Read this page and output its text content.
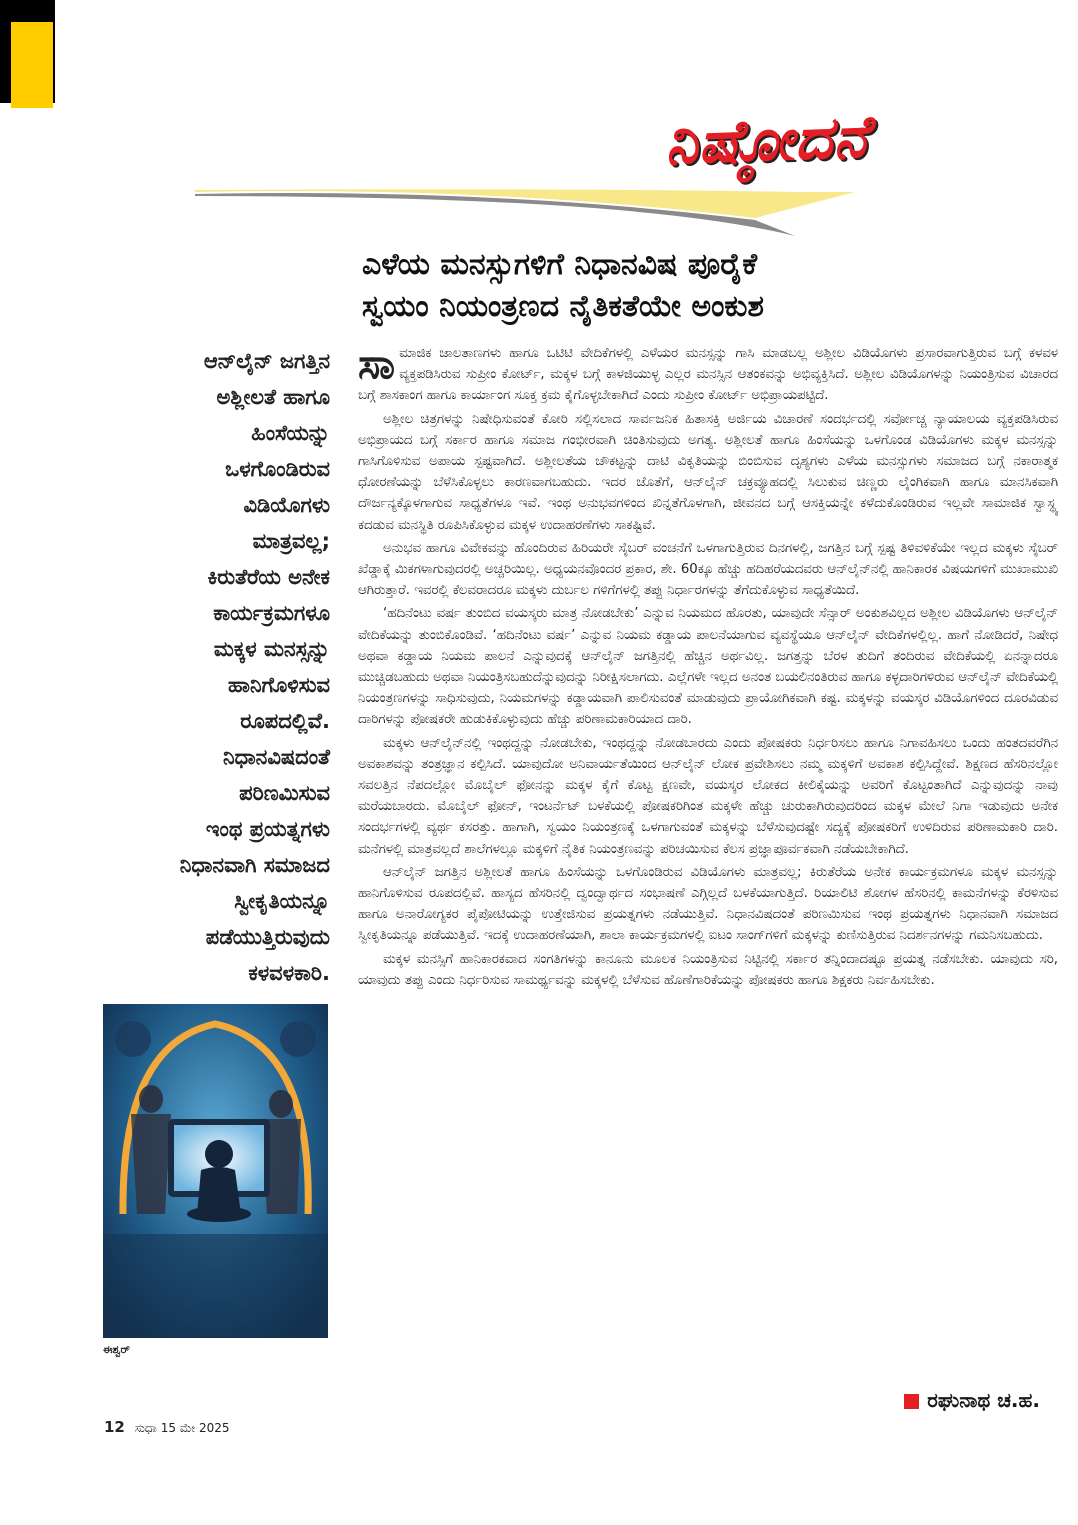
ನಿಷ್ಠೋದನೆ
ಎಳೆಯ ಮನಸ್ಸುಗಳಿಗೆ ನಿಧಾನವಿಷ ಪೂರೈಕೆ
ಸ್ವಯಂ ನಿಯಂತ್ರಣದ ನೈತಿಕತೆಯೇ ಅಂಕುಶ
ಆನ್‌ಲೈನ್ ಜಗತ್ತಿನ
ಅಶ್ಲೀಲತೆ ಹಾಗೂ
ಹಿಂಸೆಯನ್ನು
ಒಳಗೊಂಡಿರುವ
ವಿಡಿಯೊಗಳು
ಮಾತ್ರವಲ್ಲ;
ಕಿರುತೆರೆಯ ಅನೇಕ
ಕಾರ್ಯಕ್ರಮಗಳೂ
ಮಕ್ಕಳ ಮನಸ್ಸನ್ನು
ಹಾನಿಗೊಳಿಸುವ
ರೂಪದಲ್ಲಿವೆ.
ನಿಧಾನವಿಷದಂತೆ
ಪರಿಣಮಿಸುವ
ಇಂಥ ಪ್ರಯತ್ನಗಳು
ನಿಧಾನವಾಗಿ ಸಮಾಜದ
ಸ್ವೀಕೃತಿಯನ್ನೂ
ಪಡೆಯುತ್ತಿರುವುದು
ಕಳವಳಕಾರಿ.
ಈಶ್ವರ್

ಸಾಮಾಜಿಕ ಜಾಲತಾಣಗಳು ಹಾಗೂ ಒಟಿಟಿ ವೇದಿಕೆಗಳಲ್ಲಿ ಎಳೆಯರ ಮನಸ್ಸನ್ನು ಗಾಸಿ ಮಾಡಬಲ್ಲ ಅಶ್ಲೀಲ ವಿಡಿಯೊಗಳು ಪ್ರಸಾರವಾಗುತ್ತಿರುವ ಬಗ್ಗೆ ಕಳವಳ ವ್ಯಕ್ತಪಡಿಸಿರುವ ಸುಪ್ರೀಂ ಕೋರ್ಟ್, ಮಕ್ಕಳ ಬಗ್ಗೆ ಕಾಳಜಿಯುಳ್ಳ ಎಲ್ಲರ ಮನಸ್ಸಿನ ಆತಂಕವನ್ನು ಅಭಿವ್ಯಕ್ತಿಸಿದೆ. ಅಶ್ಲೀಲ ವಿಡಿಯೊಗಳನ್ನು ನಿಯಂತ್ರಿಸುವ ವಿಚಾರದ ಬಗ್ಗೆ ಶಾಸಕಾಂಗ ಹಾಗೂ ಕಾರ್ಯಾಂಗ ಸೂಕ್ತ ಕ್ರಮ ಕೈಗೊಳ್ಳಬೇಕಾಗಿದೆ ಎಂದು ಸುಪ್ರೀಂ ಕೋರ್ಟ್ ಅಭಿಪ್ರಾಯಪಟ್ಟಿದೆ.

ಅಶ್ಲೀಲ ಚಿತ್ರಗಳನ್ನು ನಿಷೇಧಿಸುವಂತೆ ಕೋರಿ ಸಲ್ಲಿಸಲಾದ ಸಾರ್ವಜನಿಕ ಹಿತಾಸಕ್ತಿ ಅರ್ಜಿಯ ವಿಚಾರಣೆ ಸಂದರ್ಭದಲ್ಲಿ ಸರ್ವೋಚ್ಚ ನ್ಯಾಯಾಲಯ ವ್ಯಕ್ತಪಡಿಸಿರುವ ಅಭಿಪ್ರಾಯದ ಬಗ್ಗೆ ಸರ್ಕಾರ ಹಾಗೂ ಸಮಾಜ ಗಂಭೀರವಾಗಿ ಚಿಂತಿಸುವುದು ಅಗತ್ಯ. ಅಶ್ಲೀಲತೆ ಹಾಗೂ ಹಿಂಸೆಯನ್ನು ಒಳಗೊಂಡ ವಿಡಿಯೊಗಳು ಮಕ್ಕಳ ಮನಸ್ಸನ್ನು ಗಾಸಿಗೊಳಿಸುವ ಅಪಾಯ ಸ್ಪಷ್ಟವಾಗಿದೆ. ಅಶ್ಲೀಲತೆಯ ಚೌಕಟ್ಟನ್ನು ದಾಟಿ ವಿಕೃತಿಯನ್ನು ಬಿಂಬಿಸುವ ದೃಶ್ಯಗಳು ಎಳೆಯ ಮನಸ್ಸುಗಳು ಸಮಾಜದ ಬಗ್ಗೆ ನಕಾರಾತ್ಮಕ ಧೋರಣೆಯನ್ನು ಬೆಳೆಸಿಕೊಳ್ಳಲು ಕಾರಣವಾಗಬಹುದು. ಇದರ ಜೊತೆಗೆ, ಆನ್‌ಲೈನ್ ಚಕ್ರವ್ಯೂಹದಲ್ಲಿ ಸಿಲುಕುವ ಚಿಣ್ಣರು ಲೈಂಗಿಕವಾಗಿ ಹಾಗೂ ಮಾನಸಿಕವಾಗಿ ದೌರ್ಜನ್ಯಕ್ಕೊಳಗಾಗುವ ಸಾಧ್ಯತೆಗಳೂ ಇವೆ. ಇಂಥ ಅನುಭವಗಳಿಂದ ಖಿನ್ನತೆಗೊಳಗಾಗಿ, ಜೀವನದ ಬಗ್ಗೆ ಆಸಕ್ತಿಯನ್ನೇ ಕಳೆದುಕೊಂಡಿರುವ ಇಲ್ಲವೇ ಸಾಮಾಜಿಕ ಸ್ವಾಸ್ಥ್ಯ ಕದಡುವ ಮನಸ್ಥಿತಿ ರೂಪಿಸಿಕೊಳ್ಳುವ ಮಕ್ಕಳ ಉದಾಹರಣೆಗಳು ಸಾಕಷ್ಟಿವೆ.

ಅನುಭವ ಹಾಗೂ ವಿವೇಕವನ್ನು ಹೊಂದಿರುವ ಹಿರಿಯರೇ ಸೈಬರ್ ವಂಚನೆಗೆ ಒಳಗಾಗುತ್ತಿರುವ ದಿನಗಳಲ್ಲಿ, ಜಗತ್ತಿನ ಬಗ್ಗೆ ಸ್ಪಷ್ಟ ತಿಳಿವಳಿಕೆಯೇ ಇಲ್ಲದ ಮಕ್ಕಳು ಸೈಬರ್ ಖೆಡ್ಡಾಕ್ಕೆ ಮಿಕಗಳಾಗುವುದರಲ್ಲಿ ಅಚ್ಚರಿಯಿಲ್ಲ. ಅಧ್ಯಯನವೊಂದರ ಪ್ರಕಾರ, ಶೇ. 60ಕ್ಕೂ ಹೆಚ್ಚು ಹದಿಹರೆಯದವರು ಆನ್‌ಲೈನ್‌ನಲ್ಲಿ ಹಾನಿಕಾರಕ ವಿಷಯಗಳಿಗೆ ಮುಖಾಮುಖಿ ಆಗಿರುತ್ತಾರೆ. ಇವರಲ್ಲಿ ಕೆಲವರಾದರೂ ಮಕ್ಕಳು ದುರ್ಬಲ ಗಳಿಗೆಗಳಲ್ಲಿ ತಪ್ಪು ನಿರ್ಧಾರಗಳನ್ನು ತೆಗೆದುಕೊಳ್ಳುವ ಸಾಧ್ಯತೆಯಿದೆ.

‘ಹದಿನೆಂಟು ವರ್ಷ ತುಂಬಿದ ವಯಸ್ಕರು ಮಾತ್ರ ನೋಡಬೇಕು’ ಎನ್ನುವ ನಿಯಮದ ಹೊರತು, ಯಾವುದೇ ಸೆನ್ಸಾರ್ ಅಂಕುಶವಿಲ್ಲದ ಅಶ್ಲೀಲ ವಿಡಿಯೊಗಳು ಆನ್‌ಲೈನ್ ವೇದಿಕೆಯನ್ನು ತುಂಬಿಕೊಂಡಿವೆ. ‘ಹದಿನೆಂಟು ವರ್ಷ’ ಎನ್ನುವ ನಿಯಮ ಕಡ್ಡಾಯ ಪಾಲನೆಯಾಗುವ ವ್ಯವಸ್ಥೆಯೂ ಆನ್‌ಲೈನ್ ವೇದಿಕೆಗಳಲ್ಲಿಲ್ಲ. ಹಾಗೆ ನೋಡಿದರೆ, ನಿಷೇಧ ಅಥವಾ ಕಡ್ಡಾಯ ನಿಯಮ ಪಾಲನೆ ಎನ್ನುವುದಕ್ಕೆ ಆನ್‌ಲೈನ್ ಜಗತ್ತಿನಲ್ಲಿ ಹೆಚ್ಚಿನ ಅರ್ಥವಿಲ್ಲ. ಜಗತ್ತನ್ನು ಬೆರಳ ತುದಿಗೆ ತಂದಿರುವ ವೇದಿಕೆಯಲ್ಲಿ ಏನನ್ನಾದರೂ ಮುಚ್ಚಿಡಬಹುದು ಅಥವಾ ನಿಯಂತ್ರಿಸಬಹುದೆನ್ನುವುದನ್ನು ನಿರೀಕ್ಷಿಸಲಾಗದು. ಎಲ್ಲೆಗಳೇ ಇಲ್ಲದ ಅನಂತ ಬಯಲಿನಂತಿರುವ ಹಾಗೂ ಕಳ್ಳದಾರಿಗಳಿರುವ ಆನ್‌ಲೈನ್ ವೇದಿಕೆಯಲ್ಲಿ ನಿಯಂತ್ರಣಗಳನ್ನು ಸಾಧಿಸುವುದು, ನಿಯಮಗಳನ್ನು ಕಡ್ಡಾಯವಾಗಿ ಪಾಲಿಸುವಂತೆ ಮಾಡುವುದು ಪ್ರಾಯೋಗಿಕವಾಗಿ ಕಷ್ಟ. ಮಕ್ಕಳನ್ನು ವಯಸ್ಕರ ವಿಡಿಯೊಗಳಿಂದ ದೂರವಿಡುವ ದಾರಿಗಳನ್ನು ಪೋಷಕರೇ ಹುಡುಕಿಕೊಳ್ಳುವುದು ಹೆಚ್ಚು ಪರಿಣಾಮಕಾರಿಯಾದ ದಾರಿ.

ಮಕ್ಕಳು ಆನ್‌ಲೈನ್‌ನಲ್ಲಿ ಇಂಥದ್ದನ್ನು ನೋಡಬೇಕು, ಇಂಥದ್ದನ್ನು ನೋಡಬಾರದು ಎಂದು ಪೋಷಕರು ನಿರ್ಧರಿಸಲು ಹಾಗೂ ನಿಗಾವಹಿಸಲು ಒಂದು ಹಂತದವರೆಗಿನ ಅವಕಾಶವನ್ನು ತಂತ್ರಜ್ಞಾನ ಕಲ್ಪಿಸಿದೆ. ಯಾವುದೋ ಅನಿವಾರ್ಯತೆಯಿಂದ ಆನ್‌ಲೈನ್ ಲೋಕ ಪ್ರವೇಶಿಸಲು ನಮ್ಮ ಮಕ್ಕಳಿಗೆ ಅವಕಾಶ ಕಲ್ಪಿಸಿದ್ದೇವೆ. ಶಿಕ್ಷಣದ ಹೆಸರಿನಲ್ಲೋ ಸವಲತ್ತಿನ ನೆಪದಲ್ಲೋ ಮೊಬೈಲ್ ಫೋನನ್ನು ಮಕ್ಕಳ ಕೈಗೆ ಕೊಟ್ಟ ಕ್ಷಣವೇ, ವಯಸ್ಕರ ಲೋಕದ ಕೀಲಿಕೈಯನ್ನು ಅವರಿಗೆ ಕೊಟ್ಟಂತಾಗಿದೆ ಎನ್ನುವುದನ್ನು ನಾವು ಮರೆಯಬಾರದು. ಮೊಬೈಲ್ ಫೋನ್, ಇಂಟರ್ನೆಟ್ ಬಳಕೆಯಲ್ಲಿ ಪೋಷಕರಿಗಿಂತ ಮಕ್ಕಳೇ ಹೆಚ್ಚು ಚುರುಕಾಗಿರುವುದರಿಂದ ಮಕ್ಕಳ ಮೇಲೆ ನಿಗಾ ಇಡುವುದು ಅನೇಕ ಸಂದರ್ಭಗಳಲ್ಲಿ ವ್ಯರ್ಥ ಕಸರತ್ತು. ಹಾಗಾಗಿ, ಸ್ವಯಂ ನಿಯಂತ್ರಣಕ್ಕೆ ಒಳಗಾಗುವಂತೆ ಮಕ್ಕಳನ್ನು ಬೆಳೆಸುವುದಷ್ಟೇ ಸದ್ಯಕ್ಕೆ ಪೋಷಕರಿಗೆ ಉಳಿದಿರುವ ಪರಿಣಾಮಕಾರಿ ದಾರಿ. ಮನೆಗಳಲ್ಲಿ ಮಾತ್ರವಲ್ಲದೆ ಶಾಲೆಗಳಲ್ಲೂ ಮಕ್ಕಳಿಗೆ ನೈತಿಕ ನಿಯಂತ್ರಣವನ್ನು ಪರಿಚಯಿಸುವ ಕೆಲಸ ಪ್ರಜ್ಞಾಪೂರ್ವಕವಾಗಿ ನಡೆಯಬೇಕಾಗಿದೆ.

ಆನ್‌ಲೈನ್ ಜಗತ್ತಿನ ಅಶ್ಲೀಲತೆ ಹಾಗೂ ಹಿಂಸೆಯನ್ನು ಒಳಗೊಂಡಿರುವ ವಿಡಿಯೊಗಳು ಮಾತ್ರವಲ್ಲ; ಕಿರುತೆರೆಯ ಅನೇಕ ಕಾರ್ಯಕ್ರಮಗಳೂ ಮಕ್ಕಳ ಮನಸ್ಸನ್ನು ಹಾನಿಗೊಳಿಸುವ ರೂಪದಲ್ಲಿವೆ. ಹಾಸ್ಯದ ಹೆಸರಿನಲ್ಲಿ ದ್ವಂದ್ವಾರ್ಥದ ಸಂಭಾಷಣೆ ಎಗ್ಗಿಲ್ಲದೆ ಬಳಕೆಯಾಗುತ್ತಿದೆ. ರಿಯಾಲಿಟಿ ಶೋಗಳ ಹೆಸರಿನಲ್ಲಿ ಕಾಮನೆಗಳನ್ನು ಕೆರಳಿಸುವ ಹಾಗೂ ಅನಾರೋಗ್ಯಕರ ಪೈಪೋಟಿಯನ್ನು ಉತ್ತೇಜಿಸುವ ಪ್ರಯತ್ನಗಳು ನಡೆಯುತ್ತಿವೆ. ನಿಧಾನವಿಷದಂತೆ ಪರಿಣಮಿಸುವ ಇಂಥ ಪ್ರಯತ್ನಗಳು ನಿಧಾನವಾಗಿ ಸಮಾಜದ ಸ್ವೀಕೃತಿಯನ್ನೂ ಪಡೆಯುತ್ತಿವೆ. ಇದಕ್ಕೆ ಉದಾಹರಣೆಯಾಗಿ, ಶಾಲಾ ಕಾರ್ಯಕ್ರಮಗಳಲ್ಲಿ ಐಟಂ ಸಾಂಗ್‌ಗಳಿಗೆ ಮಕ್ಕಳನ್ನು ಕುಣಿಸುತ್ತಿರುವ ನಿದರ್ಶನಗಳನ್ನು ಗಮನಿಸಬಹುದು.

ಮಕ್ಕಳ ಮನಸ್ಸಿಗೆ ಹಾನಿಕಾರಕವಾದ ಸಂಗತಿಗಳನ್ನು ಕಾನೂನು ಮೂಲಕ ನಿಯಂತ್ರಿಸುವ ನಿಟ್ಟಿನಲ್ಲಿ ಸರ್ಕಾರ ತನ್ನಿಂದಾದಷ್ಟೂ ಪ್ರಯತ್ನ ನಡೆಸಬೇಕು. ಯಾವುದು ಸರಿ, ಯಾವುದು ತಪ್ಪು ಎಂದು ನಿರ್ಧರಿಸುವ ಸಾಮರ್ಥ್ಯವನ್ನು ಮಕ್ಕಳಲ್ಲಿ ಬೆಳೆಸುವ ಹೊಣೆಗಾರಿಕೆಯನ್ನು ಪೋಷಕರು ಹಾಗೂ ಶಿಕ್ಷಕರು ನಿರ್ವಹಿಸಬೇಕು.

ರಘುನಾಥ ಚ.ಹ.
12 ಸುಧಾ 15 ಮೇ 2025
